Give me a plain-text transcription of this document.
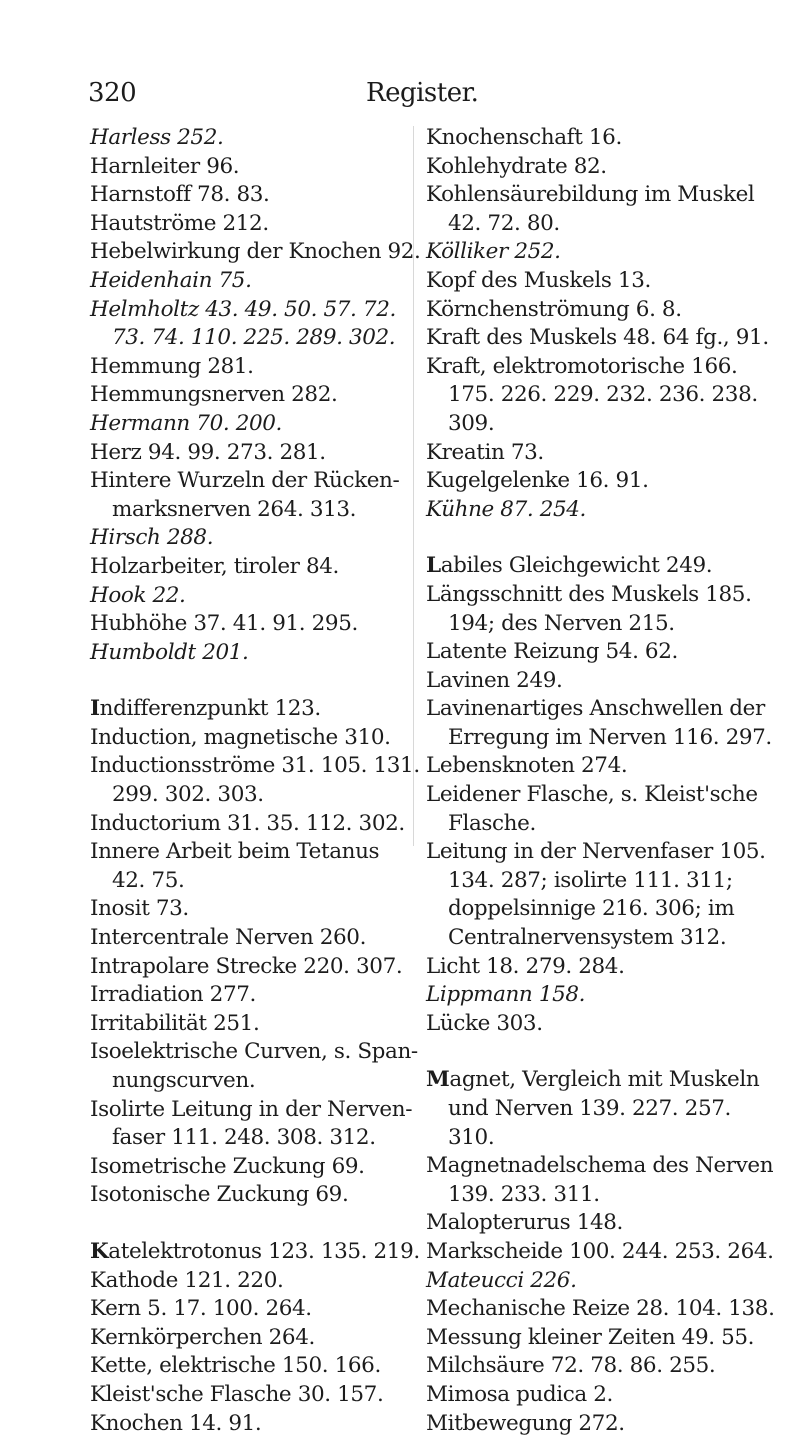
320	Register.
Harless 252.
Harnleiter 96.
Harnstoff 78. 83.
Hautströme 212.
Hebelwirkung der Knochen 92.
Heidenhain 75.
Helmholtz 43. 49. 50. 57. 72.
73. 74. 110. 225. 289. 302.
Hemmung 281.
Hemmungsnerven 282.
Hermann 70. 200.
Herz 94. 99. 273. 281.
Hintere Wurzeln der Rücken-
marksnerven 264. 313.
Hirsch 288.
Holzarbeiter, tiroler 84.
Hook 22.
Hubhöhe 37. 41. 91. 295.
Humboldt 201.
Indifferenzpunkt 123.
Induction, magnetische 310.
Inductionsströme 31. 105. 131.
299. 302. 303.
Inductorium 31. 35. 112. 302.
Innere Arbeit beim Tetanus
42. 75.
Inosit 73.
Intercentrale Nerven 260.
Intrapolare Strecke 220. 307.
Irradiation 277.
Irritabilität 251.
Isoelektrische Curven, s. Span-
nungscurven.
Isolirte Leitung in der Nerven-
faser 111. 248. 308. 312.
Isometrische Zuckung 69.
Isotonische Zuckung 69.
Katelektrotonus 123. 135. 219.
Kathode 121. 220.
Kern 5. 17. 100. 264.
Kernkörperchen 264.
Kette, elektrische 150. 166.
Kleist'sche Flasche 30. 157.
Knochen 14. 91.
Knochenschaft 16.
Kohlehydrate 82.
Kohlensäurebildung im Muskel
42. 72. 80.
Kölliker 252.
Kopf des Muskels 13.
Körnchenströmung 6. 8.
Kraft des Muskels 48. 64 fg., 91.
Kraft, elektromotorische 166.
175. 226. 229. 232. 236. 238.
309.
Kreatin 73.
Kugelgelenke 16. 91.
Kühne 87. 254.
Labiles Gleichgewicht 249.
Längsschnitt des Muskels 185.
194; des Nerven 215.
Latente Reizung 54. 62.
Lavinen 249.
Lavinenartiges Anschwellen der
Erregung im Nerven 116. 297.
Lebensknoten 274.
Leidener Flasche, s. Kleist'sche
Flasche.
Leitung in der Nervenfaser 105.
134. 287; isolirte 111. 311;
doppelsinnige 216. 306; im
Centralnervensystem 312.
Licht 18. 279. 284.
Lippmann 158.
Lücke 303.
Magnet, Vergleich mit Muskeln
und Nerven 139. 227. 257.
310.
Magnetnadelschema des Nerven
139. 233. 311.
Malopterurus 148.
Markscheide 100. 244. 253. 264.
Mateucci 226.
Mechanische Reize 28. 104. 138.
Messung kleiner Zeiten 49. 55.
Milchsäure 72. 78. 86. 255.
Mimosa pudica 2.
Mitbewegung 272.
